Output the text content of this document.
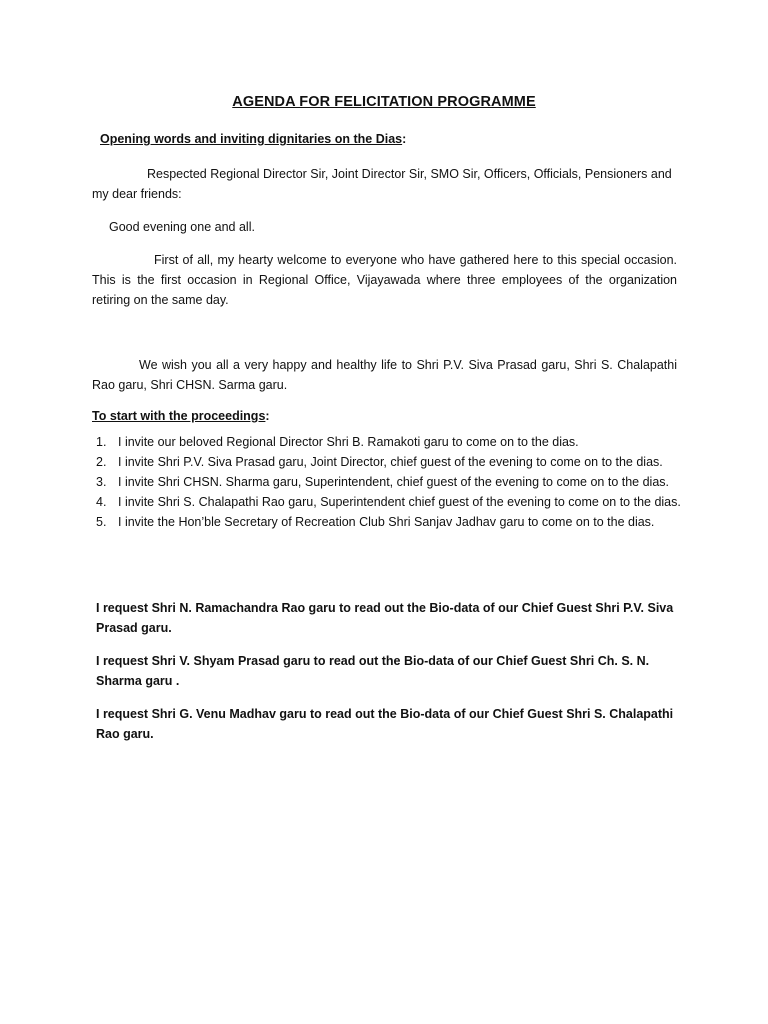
AGENDA FOR FELICITATION PROGRAMME
Opening words and inviting dignitaries on the Dias:
Respected Regional Director Sir, Joint Director Sir, SMO Sir, Officers, Officials, Pensioners and my dear friends:
Good evening one and all.
First of all, my hearty welcome to everyone who have gathered here to this special occasion. This is the first occasion in Regional Office, Vijayawada where three employees of the organization retiring on the same day.
We wish you all a very happy and healthy life to Shri P.V. Siva Prasad garu, Shri S. Chalapathi Rao garu, Shri CHSN. Sarma garu.
To start with the proceedings:
1. I invite our beloved Regional Director Shri B. Ramakoti garu to come on to the dias.
2. I invite Shri P.V. Siva Prasad garu, Joint Director, chief guest of the evening to come on to the dias.
3. I invite Shri CHSN. Sharma garu, Superintendent, chief guest of the evening to come on to the dias.
4. I invite Shri S. Chalapathi Rao garu, Superintendent chief guest of the evening to come on to the dias.
5. I invite the Hon’ble Secretary of Recreation Club Shri Sanjav Jadhav garu to come on to the dias.
I request Shri N. Ramachandra Rao garu to read out the Bio-data of our Chief Guest Shri P.V. Siva Prasad garu.
I request Shri V. Shyam Prasad garu to read out the Bio-data of our Chief Guest Shri Ch. S. N. Sharma garu .
I request Shri G. Venu Madhav garu to read out the Bio-data of our Chief Guest Shri S. Chalapathi Rao garu.
